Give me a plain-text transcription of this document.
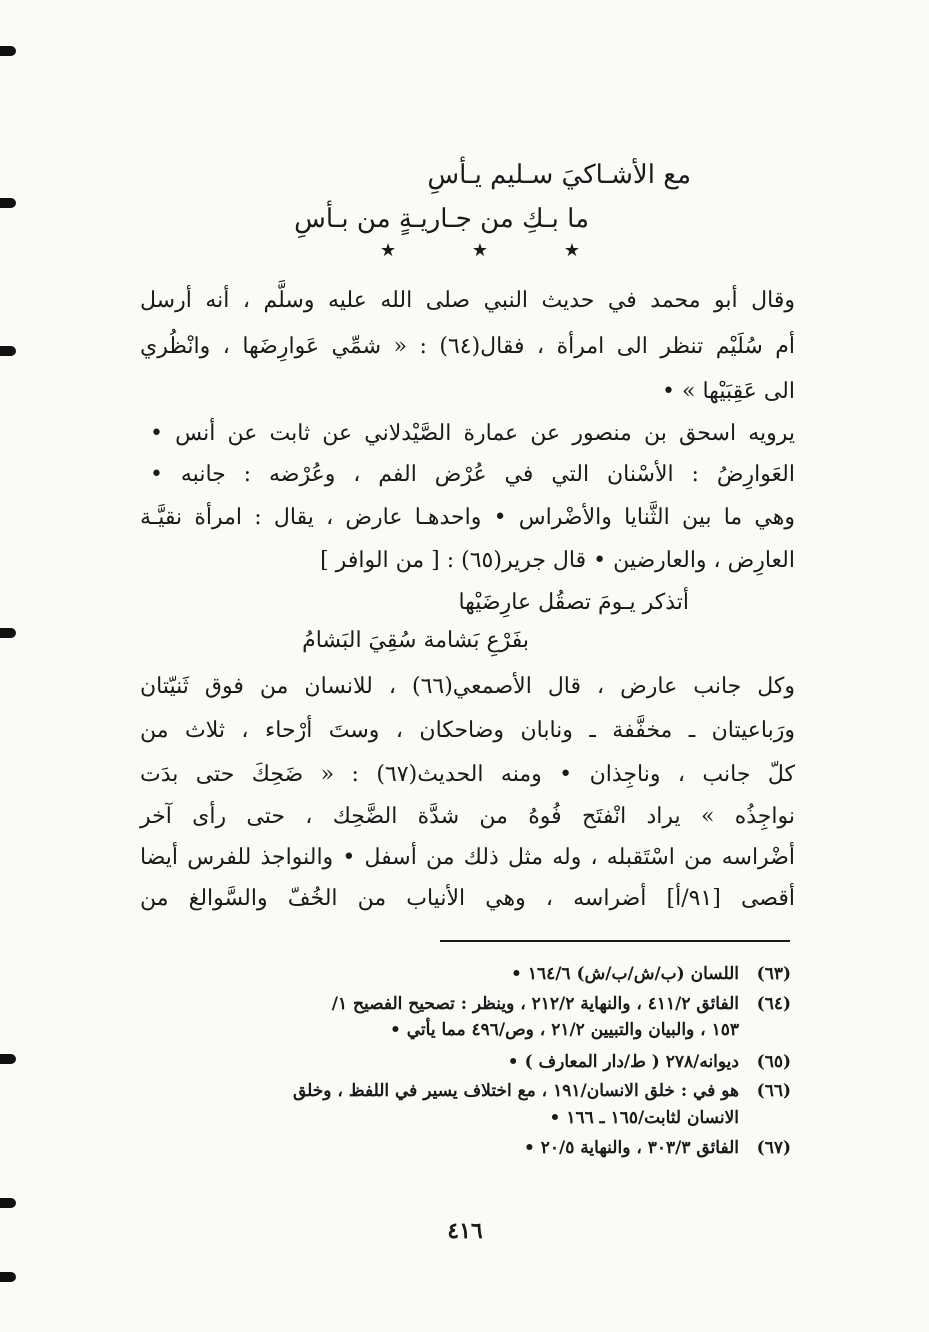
مع الأشـاكيَ سـليم يـأسِ
ما بـكِ من جـاريـةٍ من بـأسِ
★	★	★
وقال أبو محمد في حديث النبي صلى الله عليه وسلَّم ، أنه أرسل
أم سُلَيْم تنظر الى امرأة ، فقال(٦٤) : « شمِّي عَوارِضَها ، وانْظُري
الى عَقِبَيْها » •
يرويه اسحق بن منصور عن عمارة الصَّيْدلاني عن ثابت عن أنس •
العَوارِضُ : الأسْنان التي في عُرْض الفم ، وعُرْضه : جانبه •
وهي ما بين الثَّنايا والأضْراس • واحدهـا عارض ، يقال : امرأة نقيَّـة
العارِض ، والعارضين • قال جرير(٦٥) : [ من الوافر ]
أتذكر يـومَ تصقُل عارِضَيْها
بفَرْعِ بَشامة سُقِيَ البَشامُ
وكل جانب عارض ، قال الأصمعي(٦٦) ، للانسان من فوق ثَنيّتان
ورَباعيتان ـ مخفَّفة ـ ونابان وضاحكان ، وستَ أرْحاء ، ثلاث من
كلّ جانب ، وناجِذان • ومنه الحديث(٦٧) : « ضَحِكَ حتى بدَت
نواجِذُه » يراد انْفتَح فُوهُ من شدَّة الضَّحِك ، حتى رأى آخر
أضْراسه من اسْتَقبله ، وله مثل ذلك من أسفل • والنواجذ للفرس أيضا
أقصى [٩١/أ] أضراسه ، وهي الأنياب من الخُفّ والسَّوالغ من
(٦٣)اللسان (ب/ش/ب/ش) ١٦٤/٦ •
(٦٤)الفائق ٤١١/٢ ، والنهاية ٢١٢/٢ ، وينظر : تصحيح الفصيح ١/
١٥٣ ، والبيان والتبيين ٢١/٢ ، وص/٤٩٦ مما يأتي •
(٦٥)ديوانه/٢٧٨ ( ط/دار المعارف ) •
(٦٦)هو في : خلق الانسان/١٩١ ، مع اختلاف يسير في اللفظ ، وخلق
الانسان لثابت/١٦٥ ـ ١٦٦ •
(٦٧)الفائق ٣٠٣/٣ ، والنهاية ٢٠/٥ •
٤١٦
